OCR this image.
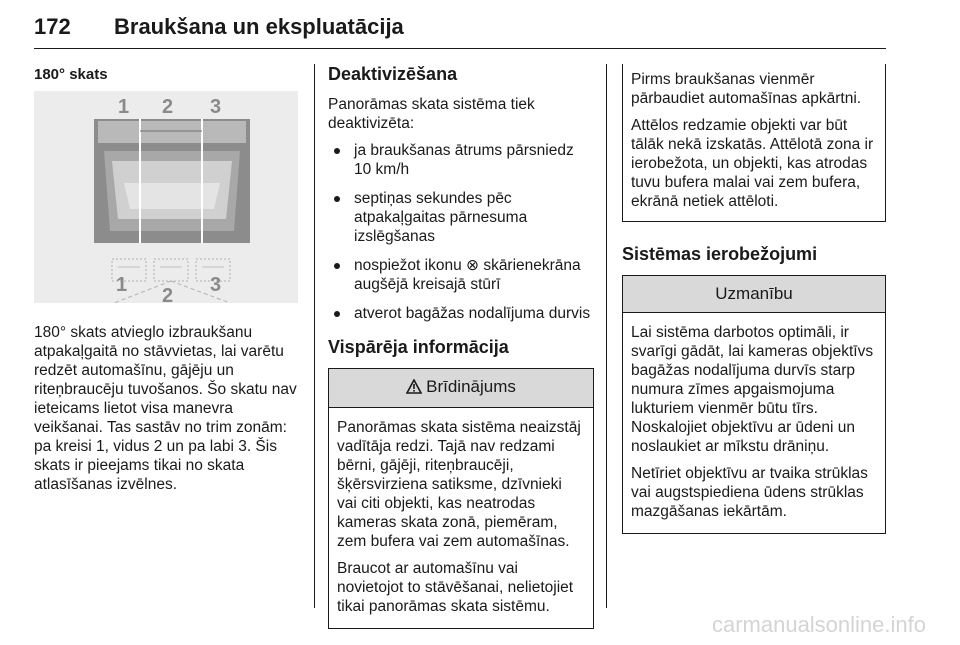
172 Braukšana un ekspluatācija
180° skats
1 2 3
1 2 3

180° skats atvieglo izbraukšanu atpakaļgaitā no stāvvietas, lai varētu redzēt automašīnu, gājēju un riteņbraucēju tuvošanos. Šo skatu nav ieteicams lietot visa manevra veikšanai. Tas sastāv no trim zonām: pa kreisi 1, vidus 2 un pa labi 3. Šis skats ir pieejams tikai no skata atlasīšanas izvēlnes.

Deaktivizēšana

Panorāmas skata sistēma tiek deaktivizēta:

ja braukšanas ātrums pārsniedz 10 km/h
septiņas sekundes pēc atpakaļgaitas pārnesuma izslēgšanas
nospiežot ikonu ⊗ skārienekrāna augšējā kreisajā stūrī
atverot bagāžas nodalījuma durvis
Vispārēja informācija
Brīdinājums

Panorāmas skata sistēma neaizstāj vadītāja redzi. Tajā nav redzami bērni, gājēji, riteņbraucēji, šķērsvirziena satiksme, dzīvnieki vai citi objekti, kas neatrodas kameras skata zonā, piemēram, zem bufera vai zem automašīnas.

Braucot ar automašīnu vai novietojot to stāvēšanai, nelietojiet tikai panorāmas skata sistēmu.

Pirms braukšanas vienmēr pārbaudiet automašīnas apkārtni.

Attēlos redzamie objekti var būt tālāk nekā izskatās. Attēlotā zona ir ierobežota, un objekti, kas atrodas tuvu bufera malai vai zem bufera, ekrānā netiek attēloti.

Sistēmas ierobežojumi
Uzmanību

Lai sistēma darbotos optimāli, ir svarīgi gādāt, lai kameras objektīvs bagāžas nodalījuma durvīs starp numura zīmes apgaismojuma lukturiem vienmēr būtu tīrs. Noskalojiet objektīvu ar ūdeni un noslaukiet ar mīkstu drāniņu.

Netīriet objektīvu ar tvaika strūklas vai augstspiediena ūdens strūklas mazgāšanas iekārtām.

carmanualsonline.info
